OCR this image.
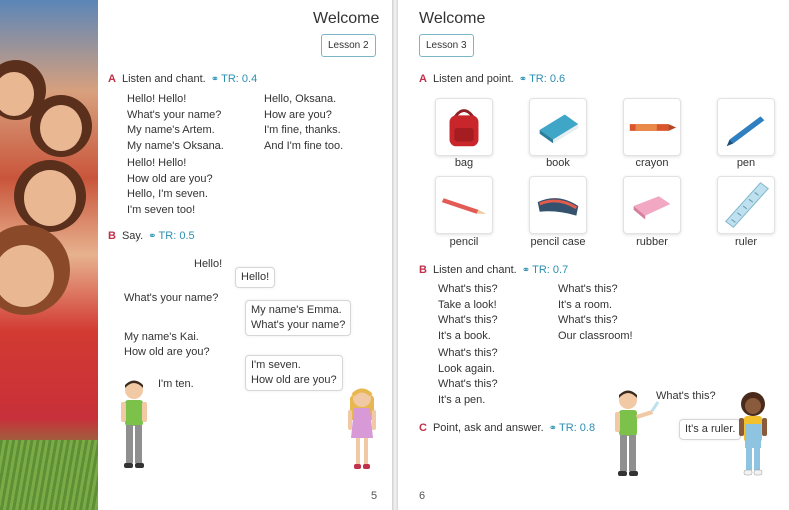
Welcome
Lesson 2
A Listen and chant. ⚭ TR: 0.4
Hello! Hello!
What's your name?
My name's Artem.
My name's Oksana.
Hello! Hello!
How old are you?
Hello, I'm seven.
I'm seven too!
Hello, Oksana.
How are you?
I'm fine, thanks.
And I'm fine too.
B Say. ⚭ TR: 0.5
Hello!
Hello!
What's your name?
My name's Emma.
What's your name?
My name's Kai.
How old are you?
I'm seven.
How old are you?
I'm ten.
5
Welcome
Lesson 3
A Listen and point. ⚭ TR: 0.6
bag	book	crayon	pen
pencil	pencil case	rubber	ruler
B Listen and chant. ⚭ TR: 0.7
What's this?
Take a look!
What's this?
It's a book.
What's this?
Look again.
What's this?
It's a pen.
What's this?
It's a room.
What's this?
Our classroom!
C Point, ask and answer. ⚭ TR: 0.8
What's this?
It's a ruler.
6
